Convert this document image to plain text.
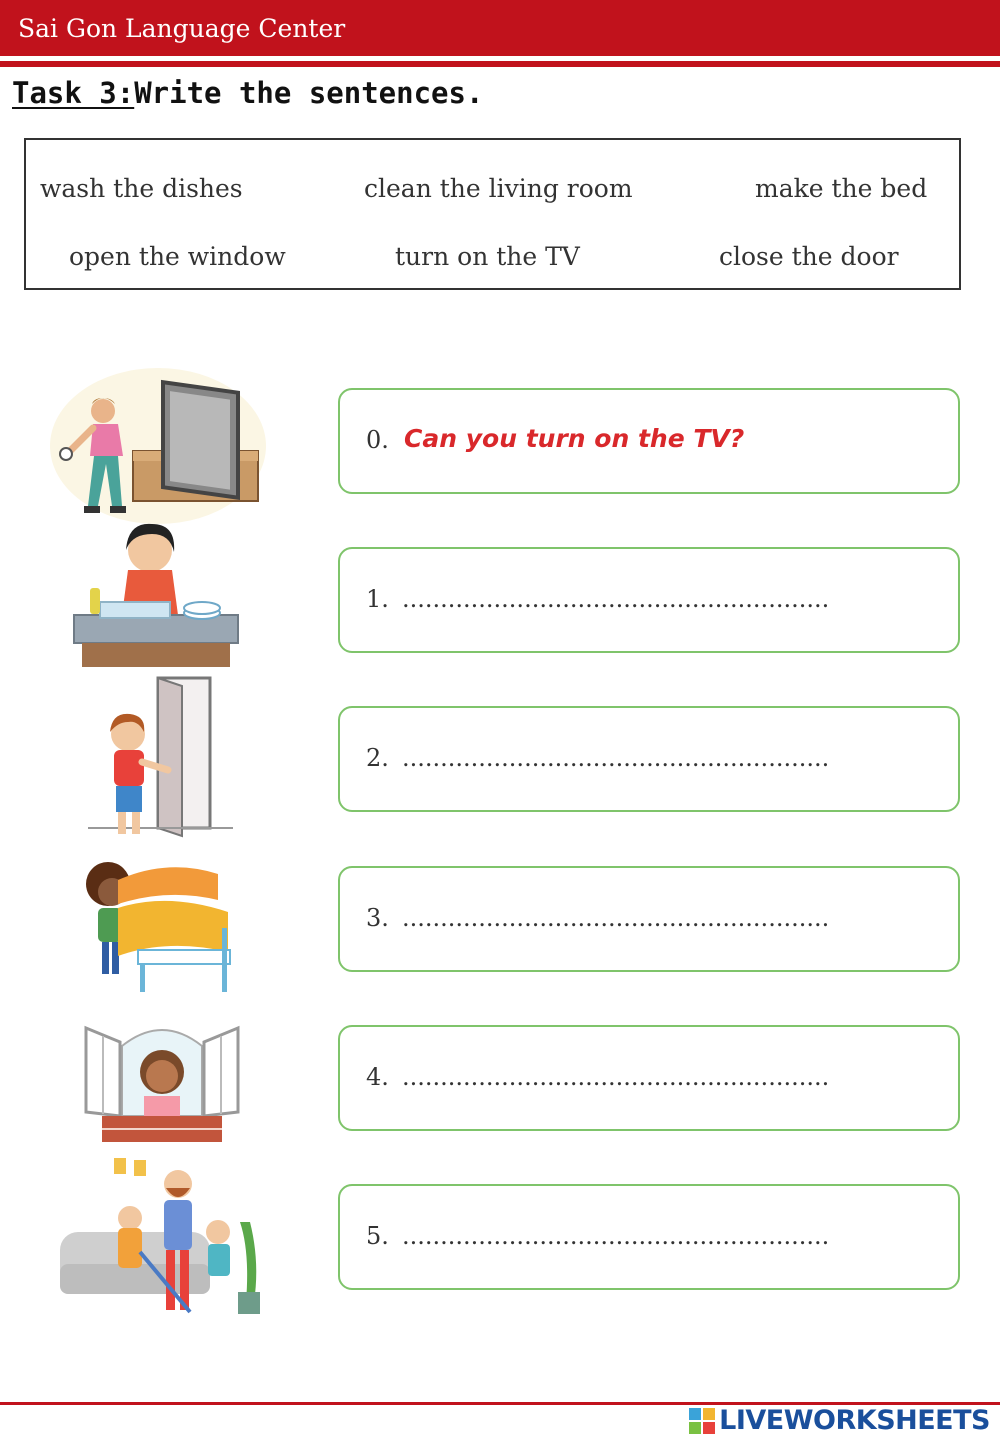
Sai Gon Language Center
Task 3:Write the sentences.
wash the dishes	clean the living room	make the bed
open the window	turn on the TV	close the door
0. Can you turn on the TV?
1. ........................................................
2. ........................................................
3. ........................................................
4. ........................................................
5. ........................................................
LIVEWORKSHEETS
